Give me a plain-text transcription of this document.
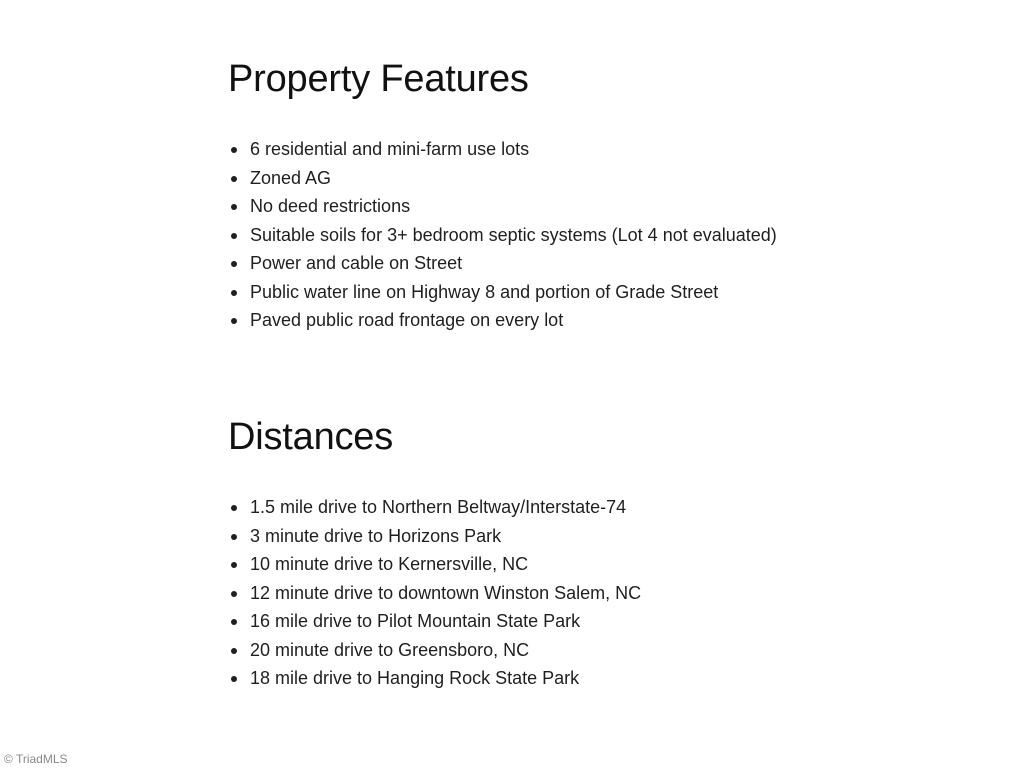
Property Features
6 residential and mini-farm use lots
Zoned AG
No deed restrictions
Suitable soils for 3+ bedroom septic systems (Lot 4 not evaluated)
Power and cable on Street
Public water line on Highway 8 and portion of Grade Street
Paved public road frontage on every lot
Distances
1.5 mile drive to Northern Beltway/Interstate-74
3 minute drive to Horizons Park
10 minute drive to Kernersville, NC
12 minute drive to downtown Winston Salem, NC
16 mile drive to Pilot Mountain State Park
20 minute drive to Greensboro, NC
18 mile drive to Hanging Rock State Park
© TriadMLS
